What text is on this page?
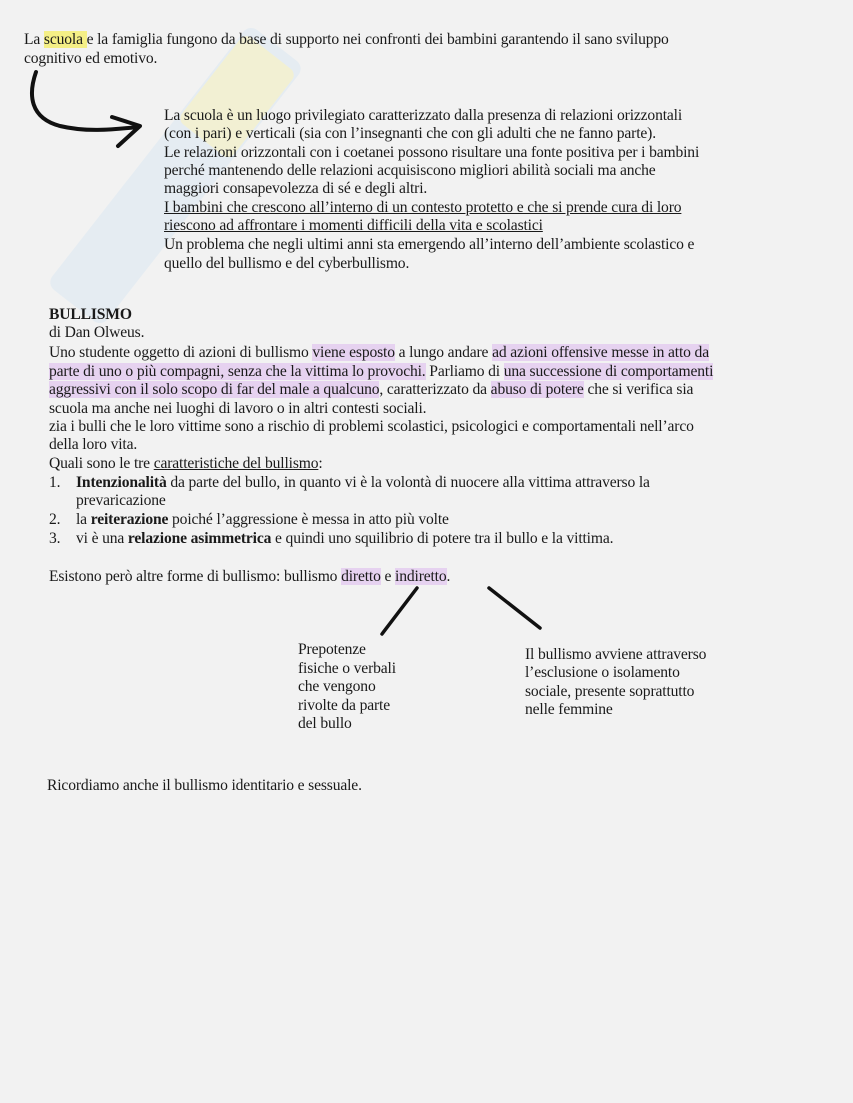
La scuola e la famiglia fungono da base di supporto nei confronti dei bambini garantendo il sano sviluppo
cognitivo ed emotivo.
La scuola è un luogo privilegiato caratterizzato dalla presenza di relazioni orizzontali
(con i pari) e verticali (sia con l’insegnanti che con gli adulti che ne fanno parte).
Le relazioni orizzontali con i coetanei possono risultare una fonte positiva per i bambini
perché mantenendo delle relazioni acquisiscono migliori abilità sociali ma anche
maggiori consapevolezza di sé e degli altri.
I bambini che crescono all’interno di un contesto protetto e che si prende cura di loro
riescono ad affrontare i momenti difficili della vita e scolastici
Un problema che negli ultimi anni sta emergendo all’interno dell’ambiente scolastico e
quello del bullismo e del cyberbullismo.
BULLISMO
di Dan Olweus.
Uno studente oggetto di azioni di bullismo viene esposto a lungo andare ad azioni offensive messe in atto da
parte di uno o più compagni, senza che la vittima lo provochi. Parliamo di una successione di comportamenti
aggressivi con il solo scopo di far del male a qualcuno, caratterizzato da abuso di potere che si verifica sia
scuola ma anche nei luoghi di lavoro o in altri contesti sociali.
zia i bulli che le loro vittime sono a rischio di problemi scolastici, psicologici e comportamentali nell’arco
della loro vita.
Quali sono le tre caratteristiche del bullismo:
1. Intenzionalità da parte del bullo, in quanto vi è la volontà di nuocere alla vittima attraverso la
prevaricazione
2. la reiterazione poiché l’aggressione è messa in atto più volte
3. vi è una relazione asimmetrica e quindi uno squilibrio di potere tra il bullo e la vittima.
Esistono però altre forme di bullismo: bullismo diretto e indiretto.
Prepotenze
fisiche o verbali
che vengono
rivolte da parte
del bullo
Il bullismo avviene attraverso
l’esclusione o isolamento
sociale, presente soprattutto
nelle femmine
Ricordiamo anche il bullismo identitario e sessuale.
